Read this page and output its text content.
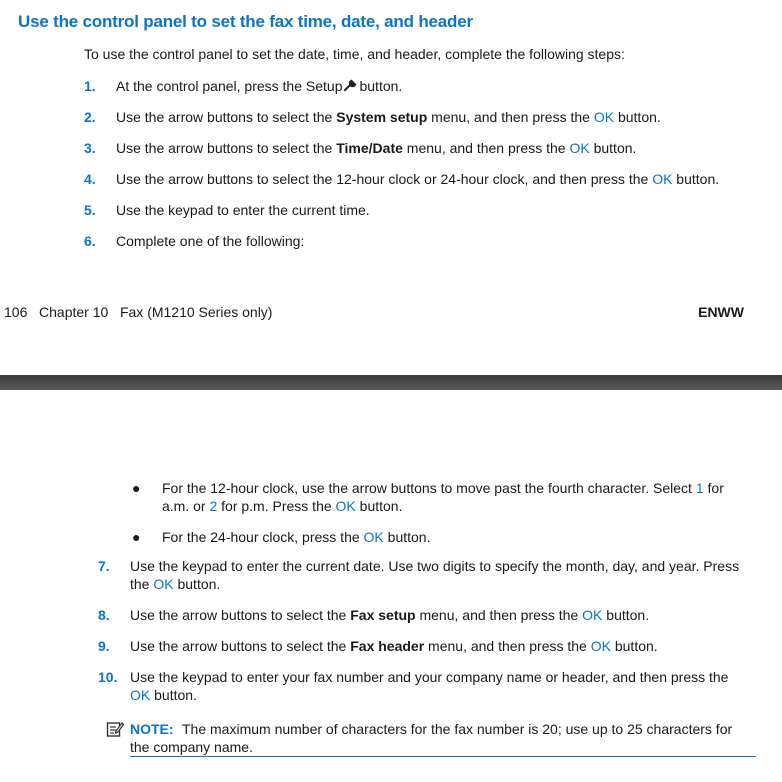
Use the control panel to set the fax time, date, and header
To use the control panel to set the date, time, and header, complete the following steps:
1. At the control panel, press the Setup button.
2. Use the arrow buttons to select the System setup menu, and then press the OK button.
3. Use the arrow buttons to select the Time/Date menu, and then press the OK button.
4. Use the arrow buttons to select the 12-hour clock or 24-hour clock, and then press the OK button.
5. Use the keypad to enter the current time.
6. Complete one of the following:
106   Chapter 10   Fax (M1210 Series only)	ENWW
● For the 12-hour clock, use the arrow buttons to move past the fourth character. Select 1 for a.m. or 2 for p.m. Press the OK button.
● For the 24-hour clock, press the OK button.
7. Use the keypad to enter the current date. Use two digits to specify the month, day, and year. Press the OK button.
8. Use the arrow buttons to select the Fax setup menu, and then press the OK button.
9. Use the arrow buttons to select the Fax header menu, and then press the OK button.
10. Use the keypad to enter your fax number and your company name or header, and then press the OK button.
NOTE: The maximum number of characters for the fax number is 20; use up to 25 characters for the company name.
